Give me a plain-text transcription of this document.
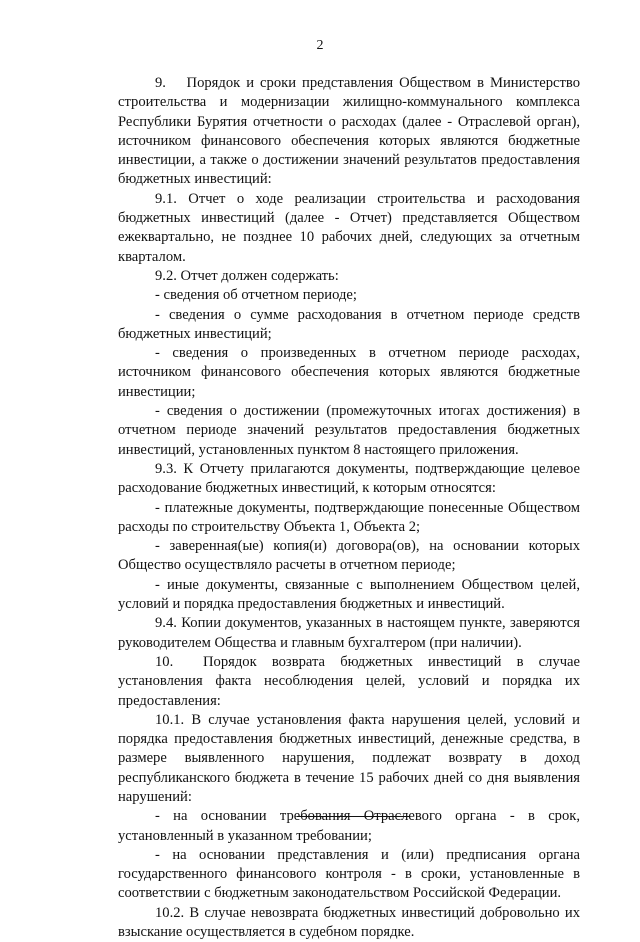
2

9.  Порядок и сроки представления Обществом в Министерство строительства и модернизации жилищно-коммунального комплекса Республики Бурятия отчетности о расходах (далее - Отраслевой орган), источником финансового обеспечения которых являются бюджетные инвестиции, а также о достижении значений результатов предоставления бюджетных инвестиций:

9.1. Отчет о ходе реализации строительства и расходования бюджетных инвестиций (далее - Отчет) представляется Обществом ежеквартально, не позднее 10 рабочих дней, следующих за отчетным кварталом.

9.2. Отчет должен содержать:

- сведения об отчетном периоде;

- сведения о сумме расходования в отчетном периоде средств бюджетных инвестиций;

- сведения о произведенных в отчетном периоде расходах, источником финансового обеспечения которых являются бюджетные инвестиции;

- сведения о достижении (промежуточных итогах достижения) в отчетном периоде значений результатов предоставления бюджетных инвестиций, установленных пунктом 8 настоящего приложения.

9.3. К Отчету прилагаются документы, подтверждающие целевое расходование бюджетных инвестиций, к которым относятся:

- платежные документы, подтверждающие понесенные Обществом расходы по строительству Объекта 1, Объекта 2;

- заверенная(ые) копия(и) договора(ов), на основании которых Общество осуществляло расчеты в отчетном периоде;

- иные документы, связанные с выполнением Обществом целей, условий и порядка предоставления бюджетных и инвестиций.

9.4. Копии документов, указанных в настоящем пункте, заверяются руководителем Общества и главным бухгалтером (при наличии).

10.  Порядок возврата бюджетных инвестиций в случае установления факта несоблюдения целей, условий и порядка их предоставления:

10.1. В случае установления факта нарушения целей, условий и порядка предоставления бюджетных инвестиций, денежные средства, в размере выявленного нарушения, подлежат возврату в доход республиканского бюджета в течение 15 рабочих дней со дня выявления нарушений:

- на основании требования Отраслевого органа - в срок, установленный в указанном требовании;

- на основании представления и (или) предписания органа государственного финансового контроля - в сроки, установленные в соответствии с бюджетным законодательством Российской Федерации.

10.2. В случае невозврата бюджетных инвестиций добровольно их взыскание осуществляется в судебном порядке.
